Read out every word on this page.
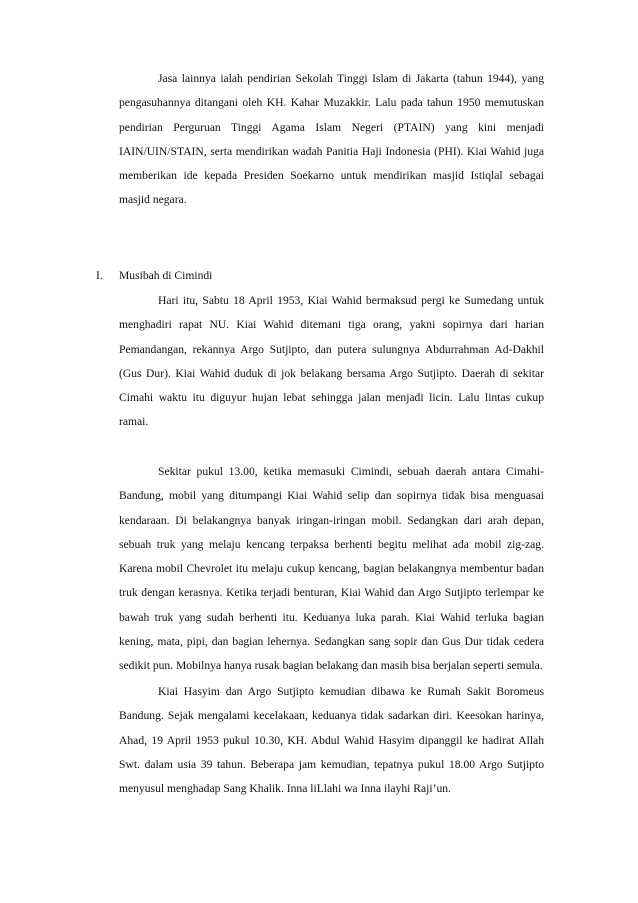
Jasa lainnya ialah pendirian Sekolah Tinggi Islam di Jakarta (tahun 1944), yang pengasuhannya ditangani oleh KH. Kahar Muzakkir. Lalu pada tahun 1950 memutuskan pendirian Perguruan Tinggi Agama Islam Negeri (PTAIN) yang kini menjadi IAIN/UIN/STAIN, serta mendirikan wadah Panitia Haji Indonesia (PHI). Kiai Wahid juga memberikan ide kepada Presiden Soekarno untuk mendirikan masjid Istiqlal sebagai masjid negara.

I. Musibah di Cimindi

Hari itu, Sabtu 18 April 1953, Kiai Wahid bermaksud pergi ke Sumedang untuk menghadiri rapat NU. Kiai Wahid ditemani tiga orang, yakni sopirnya dari harian Pemandangan, rekannya Argo Sutjipto, dan putera sulungnya Abdurrahman Ad-Dakhil (Gus Dur). Kiai Wahid duduk di jok belakang bersama Argo Sutjipto. Daerah di sekitar Cimahi waktu itu diguyur hujan lebat sehingga jalan menjadi licin. Lalu lintas cukup ramai.

Sekitar pukul 13.00, ketika memasuki Cimindi, sebuah daerah antara Cimahi-Bandung, mobil yang ditumpangi Kiai Wahid selip dan sopirnya tidak bisa menguasai kendaraan. Di belakangnya banyak iringan-iringan mobil. Sedangkan dari arah depan, sebuah truk yang melaju kencang terpaksa berhenti begitu melihat ada mobil zig-zag. Karena mobil Chevrolet itu melaju cukup kencang, bagian belakangnya membentur badan truk dengan kerasnya. Ketika terjadi benturan, Kiai Wahid dan Argo Sutjipto terlempar ke bawah truk yang sudah berhenti itu. Keduanya luka parah. Kiai Wahid terluka bagian kening, mata, pipi, dan bagian lehernya. Sedangkan sang sopir dan Gus Dur tidak cedera sedikit pun. Mobilnya hanya rusak bagian belakang dan masih bisa berjalan seperti semula.

Kiai Hasyim dan Argo Sutjipto kemudian dibawa ke Rumah Sakit Boromeus Bandung. Sejak mengalami kecelakaan, keduanya tidak sadarkan diri. Keesokan harinya, Ahad, 19 April 1953 pukul 10.30, KH. Abdul Wahid Hasyim dipanggil ke hadirat Allah Swt. dalam usia 39 tahun. Beberapa jam kemudian, tepatnya pukul 18.00 Argo Sutjipto menyusul menghadap Sang Khalik. Inna liLlahi wa Inna ilayhi Raji’un.
